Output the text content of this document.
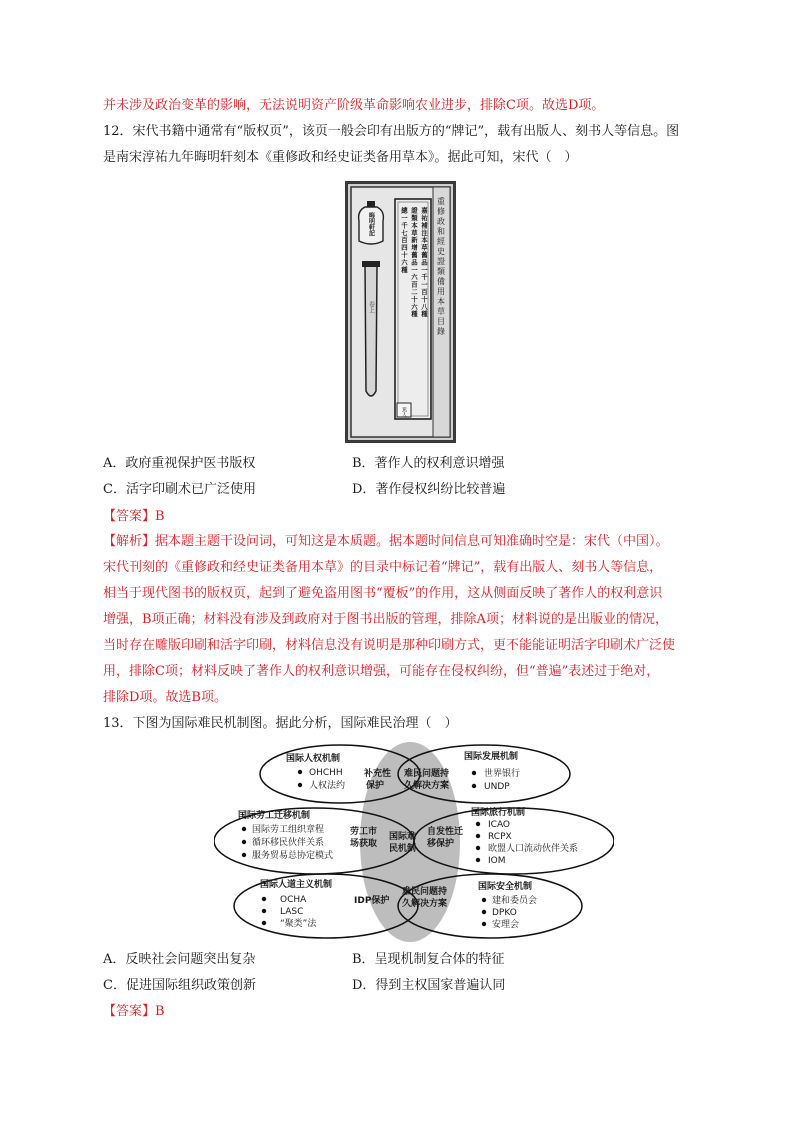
并未涉及政治变革的影响，无法说明资产阶级革命影响农业进步，排除C项。故选D项。
12．宋代书籍中通常有“版权页”，该页一般会印有出版方的“牌记”，载有出版人、刻书人等信息。图
是南宋淳祐九年晦明轩刻本《重修政和经史证类备用草本》。据此可知，宋代（　）
重修政和經史證類備用本草目錄
嘉祐補注本草舊品一千一百十八種
證類本草新增舊品一六百二十六種
總一千七百四十六種
晦明軒記
篤人
卷上
A．政府重视保护医书版权	B．著作人的权利意识增强
C．活字印刷术已广泛使用	D．著作侵权纠纷比较普遍
【答案】B
【解析】据本题主题干设问词，可知这是本质题。据本题时间信息可知准确时空是：宋代（中国）。
宋代刊刻的《重修政和经史证类备用本草》的目录中标记着“牌记”，载有出版人、刻书人等信息，
相当于现代图书的版权页，起到了避免盗用图书“覆板”的作用，这从侧面反映了著作人的权利意识
增强，B项正确；材料没有涉及到政府对于图书出版的管理，排除A项；材料说的是出版业的情况，
当时存在雕版印刷和活字印刷，材料信息没有说明是那种印刷方式，更不能能证明活字印刷术广泛使
用，排除C项；材料反映了著作人的权利意识增强，可能存在侵权纠纷，但“普遍”表述过于绝对，
排除D项。故选B项。
13．下图为国际难民机制图。据此分析，国际难民治理（　）
国际难
民机制
国际人权机制
OHCHH
人权法约
补充性
保护
国际发展机制
难民问题持
久解决方案
世界银行
UNDP
国际劳工迁移机制
国际劳工组织章程
循环移民伙伴关系
服务贸易总协定模式
劳工市
场获取
国际旅行机制
自发性迁
移保护
ICAO
RCPX
欧盟人口流动伙伴关系
IOM
国际人道主义机制
OCHA
LASC
“聚类”法
IDP保护
难民问题持
久解决方案
国际安全机制
建和委员会
DPKO
安理会
A．反映社会问题突出复杂	B．呈现机制复合体的特征
C．促进国际组织政策创新	D．得到主权国家普遍认同
【答案】B
